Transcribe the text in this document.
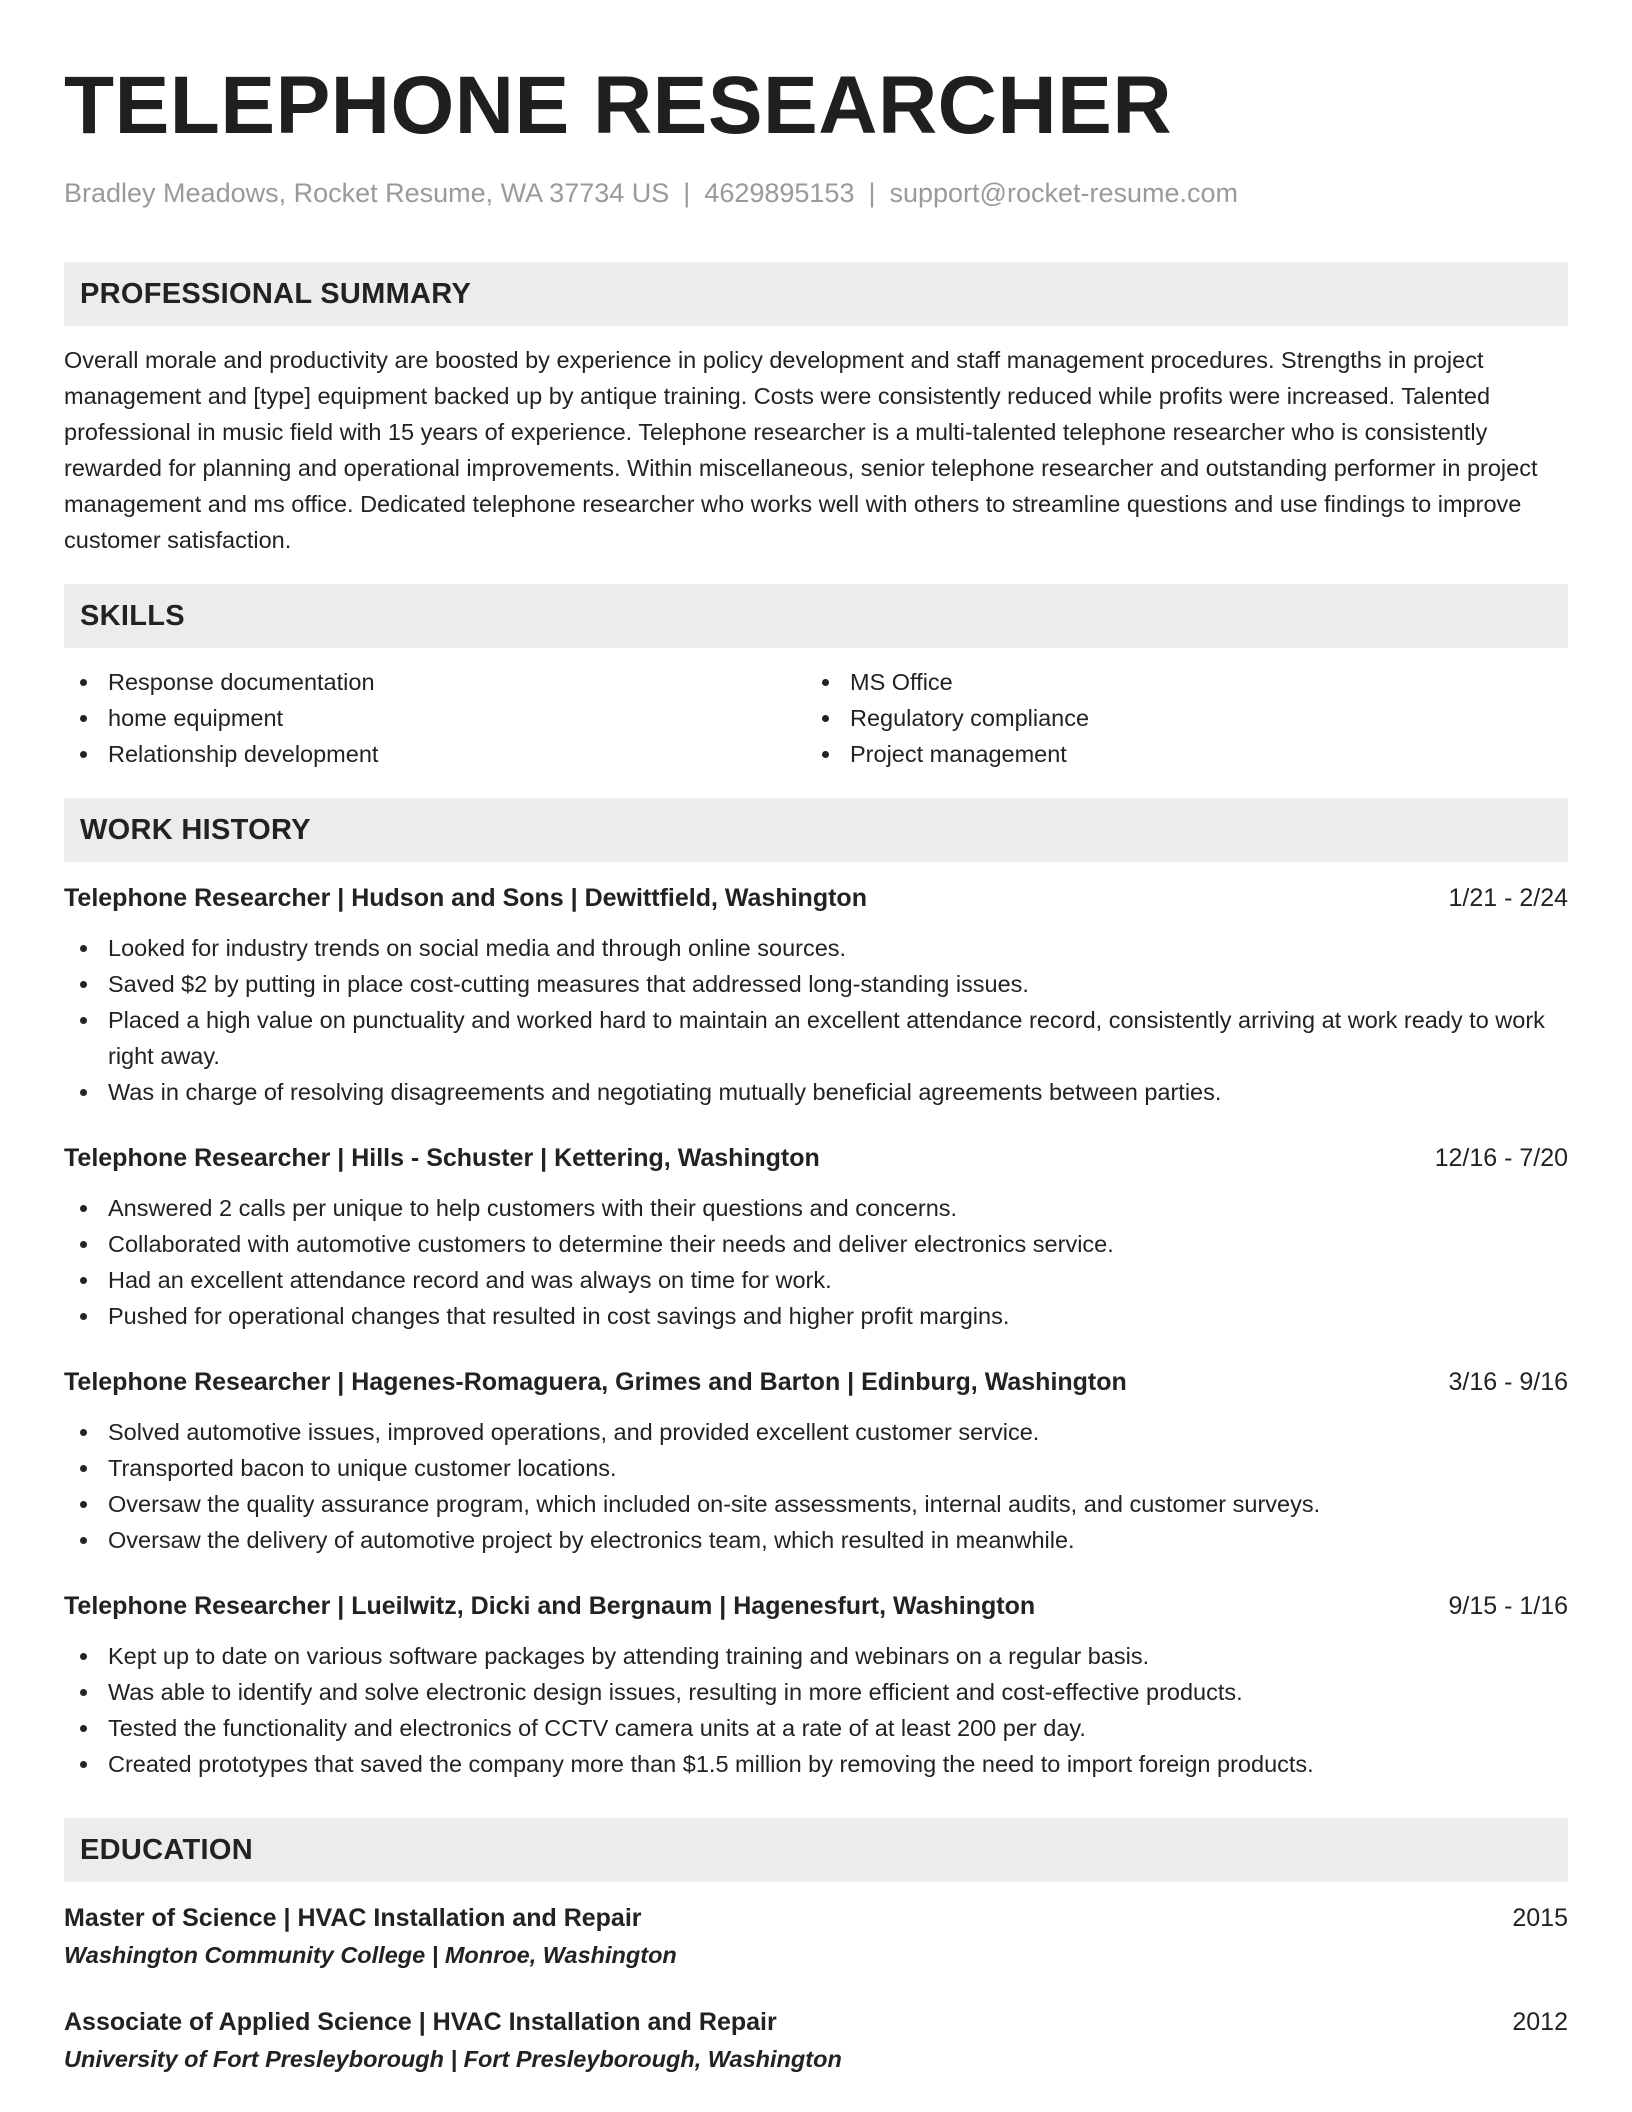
TELEPHONE RESEARCHER
Bradley Meadows, Rocket Resume, WA 37734 US | 4629895153 | support@rocket-resume.com
PROFESSIONAL SUMMARY

Overall morale and productivity are boosted by experience in policy development and staff management procedures. Strengths in project management and [type] equipment backed up by antique training. Costs were consistently reduced while profits were increased. Talented professional in music field with 15 years of experience. Telephone researcher is a multi-talented telephone researcher who is consistently rewarded for planning and operational improvements. Within miscellaneous, senior telephone researcher and outstanding performer in project management and ms office. Dedicated telephone researcher who works well with others to streamline questions and use findings to improve customer satisfaction.

SKILLS
Response documentation
home equipment
Relationship development
MS Office
Regulatory compliance
Project management
WORK HISTORY
Telephone Researcher | Hudson and Sons | Dewittfield, Washington	1/21 - 2/24
Looked for industry trends on social media and through online sources.
Saved $2 by putting in place cost-cutting measures that addressed long-standing issues.
Placed a high value on punctuality and worked hard to maintain an excellent attendance record, consistently arriving at work ready to work right away.
Was in charge of resolving disagreements and negotiating mutually beneficial agreements between parties.
Telephone Researcher | Hills - Schuster | Kettering, Washington	12/16 - 7/20
Answered 2 calls per unique to help customers with their questions and concerns.
Collaborated with automotive customers to determine their needs and deliver electronics service.
Had an excellent attendance record and was always on time for work.
Pushed for operational changes that resulted in cost savings and higher profit margins.
Telephone Researcher | Hagenes-Romaguera, Grimes and Barton | Edinburg, Washington	3/16 - 9/16
Solved automotive issues, improved operations, and provided excellent customer service.
Transported bacon to unique customer locations.
Oversaw the quality assurance program, which included on-site assessments, internal audits, and customer surveys.
Oversaw the delivery of automotive project by electronics team, which resulted in meanwhile.
Telephone Researcher | Lueilwitz, Dicki and Bergnaum | Hagenesfurt, Washington	9/15 - 1/16
Kept up to date on various software packages by attending training and webinars on a regular basis.
Was able to identify and solve electronic design issues, resulting in more efficient and cost-effective products.
Tested the functionality and electronics of CCTV camera units at a rate of at least 200 per day.
Created prototypes that saved the company more than $1.5 million by removing the need to import foreign products.
EDUCATION
Master of Science | HVAC Installation and Repair	2015
Washington Community College | Monroe, Washington
Associate of Applied Science | HVAC Installation and Repair	2012
University of Fort Presleyborough | Fort Presleyborough, Washington
